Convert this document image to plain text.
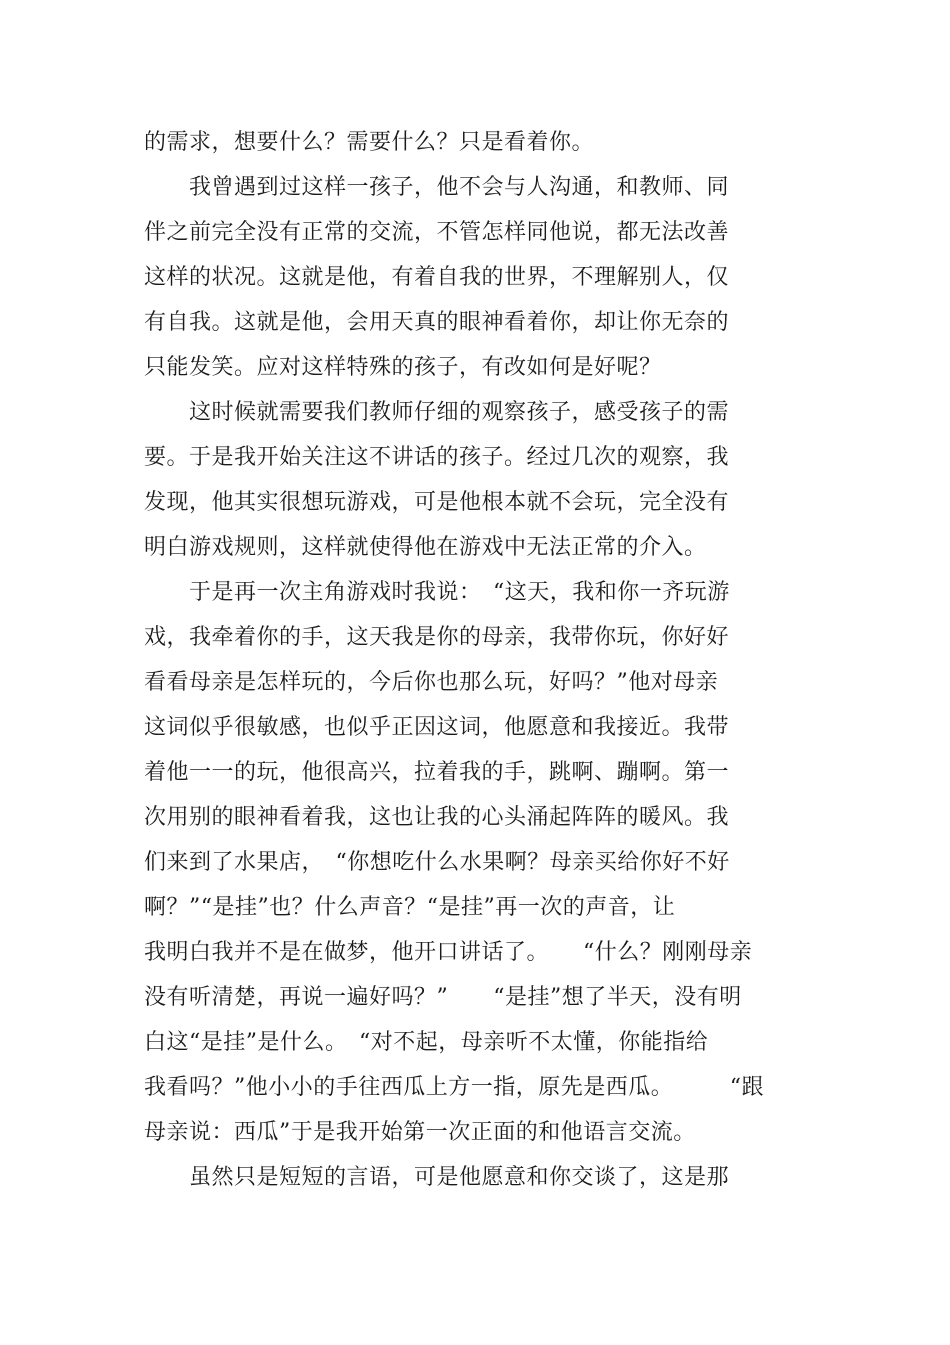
的需求，想要什么？需要什么？只是看着你。
　　我曾遇到过这样一孩子，他不会与人沟通，和教师、同
伴之前完全没有正常的交流，不管怎样同他说，都无法改善
这样的状况。这就是他，有着自我的世界，不理解别人，仅
有自我。这就是他，会用天真的眼神看着你，却让你无奈的
只能发笑。应对这样特殊的孩子，有改如何是好呢？
　　这时候就需要我们教师仔细的观察孩子，感受孩子的需
要。于是我开始关注这不讲话的孩子。经过几次的观察，我
发现，他其实很想玩游戏，可是他根本就不会玩，完全没有
明白游戏规则，这样就使得他在游戏中无法正常的介入。
　　于是再一次主角游戏时我说：　“这天，我和你一齐玩游
戏，我牵着你的手，这天我是你的母亲，我带你玩，你好好
看看母亲是怎样玩的，今后你也那么玩，好吗？”他对母亲
这词似乎很敏感，也似乎正因这词，他愿意和我接近。我带
着他一一的玩，他很高兴，拉着我的手，跳啊、蹦啊。第一
次用别的眼神看着我，这也让我的心头涌起阵阵的暖风。我
们来到了水果店，　“你想吃什么水果啊？母亲买给你好不好
啊？”“是挂”也？什么声音？“是挂”再一次的声音，让
我明白我并不是在做梦，他开口讲话了。　　“什么？刚刚母亲
没有听清楚，再说一遍好吗？”　　“是挂”想了半天，没有明
白这“是挂”是什么。　“对不起，母亲听不太懂，你能指给
我看吗？”他小小的手往西瓜上方一指，原先是西瓜。　　　“跟
母亲说：西瓜”于是我开始第一次正面的和他语言交流。
　　虽然只是短短的言语，可是他愿意和你交谈了，这是那
